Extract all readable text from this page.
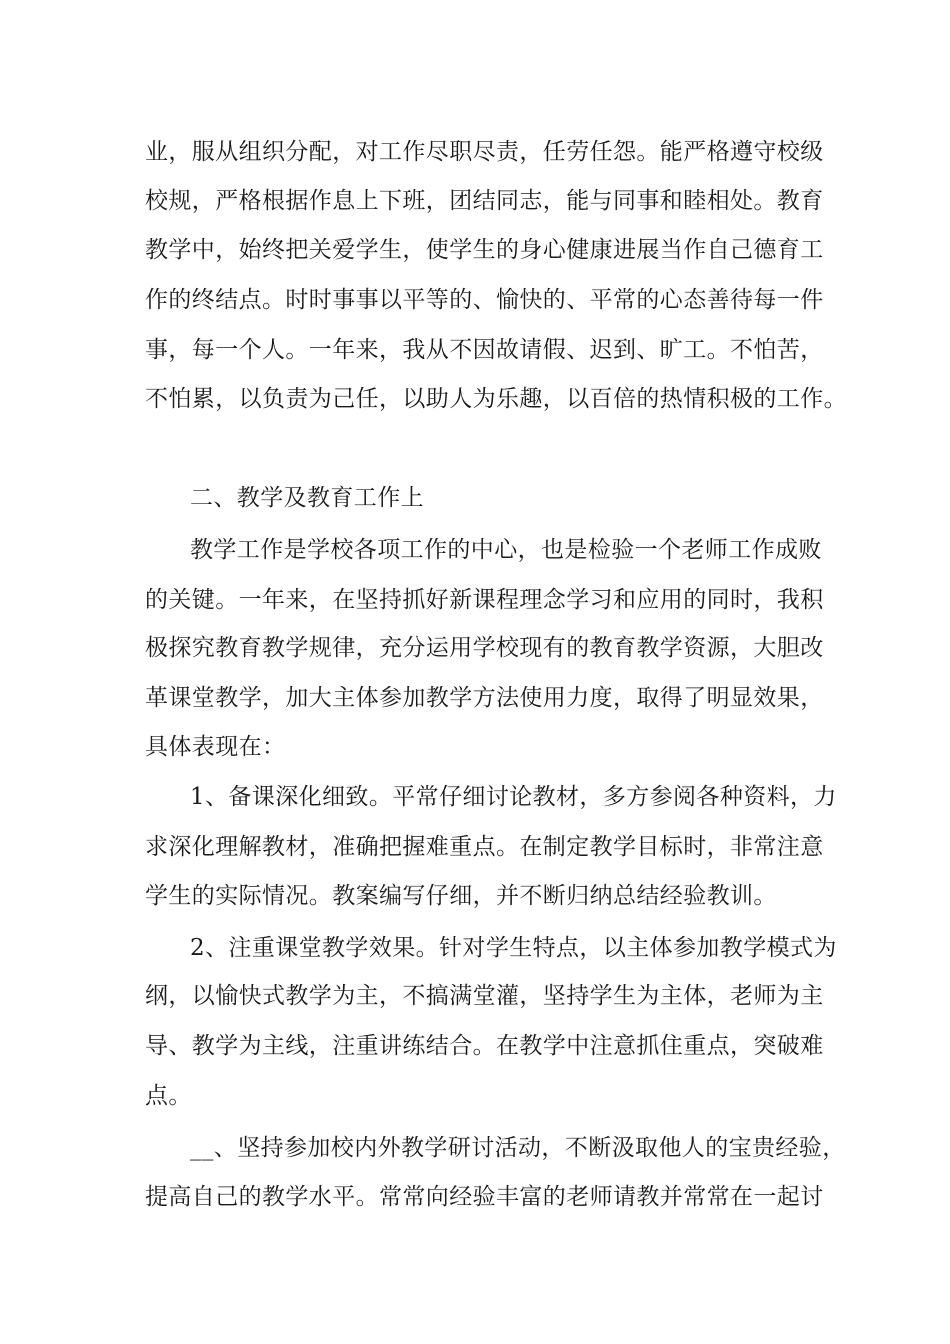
业，服从组织分配，对工作尽职尽责，任劳任怨。能严格遵守校级
校规，严格根据作息上下班，团结同志，能与同事和睦相处。教育
教学中，始终把关爱学生，使学生的身心健康进展当作自己德育工
作的终结点。时时事事以平等的、愉快的、平常的心态善待每一件
事，每一个人。一年来，我从不因故请假、迟到、旷工。不怕苦，
不怕累，以负责为己任，以助人为乐趣，以百倍的热情积极的工作。
二、教学及教育工作上
教学工作是学校各项工作的中心，也是检验一个老师工作成败
的关键。一年来，在坚持抓好新课程理念学习和应用的同时，我积
极探究教育教学规律，充分运用学校现有的教育教学资源，大胆改
革课堂教学，加大主体参加教学方法使用力度，取得了明显效果，
具体表现在：
1、备课深化细致。平常仔细讨论教材，多方参阅各种资料，力
求深化理解教材，准确把握难重点。在制定教学目标时，非常注意
学生的实际情况。教案编写仔细，并不断归纳总结经验教训。
2、注重课堂教学效果。针对学生特点，以主体参加教学模式为
纲，以愉快式教学为主，不搞满堂灌，坚持学生为主体，老师为主
导、教学为主线，注重讲练结合。在教学中注意抓住重点，突破难
点。
__、坚持参加校内外教学研讨活动，不断汲取他人的宝贵经验，
提高自己的教学水平。常常向经验丰富的老师请教并常常在一起讨
